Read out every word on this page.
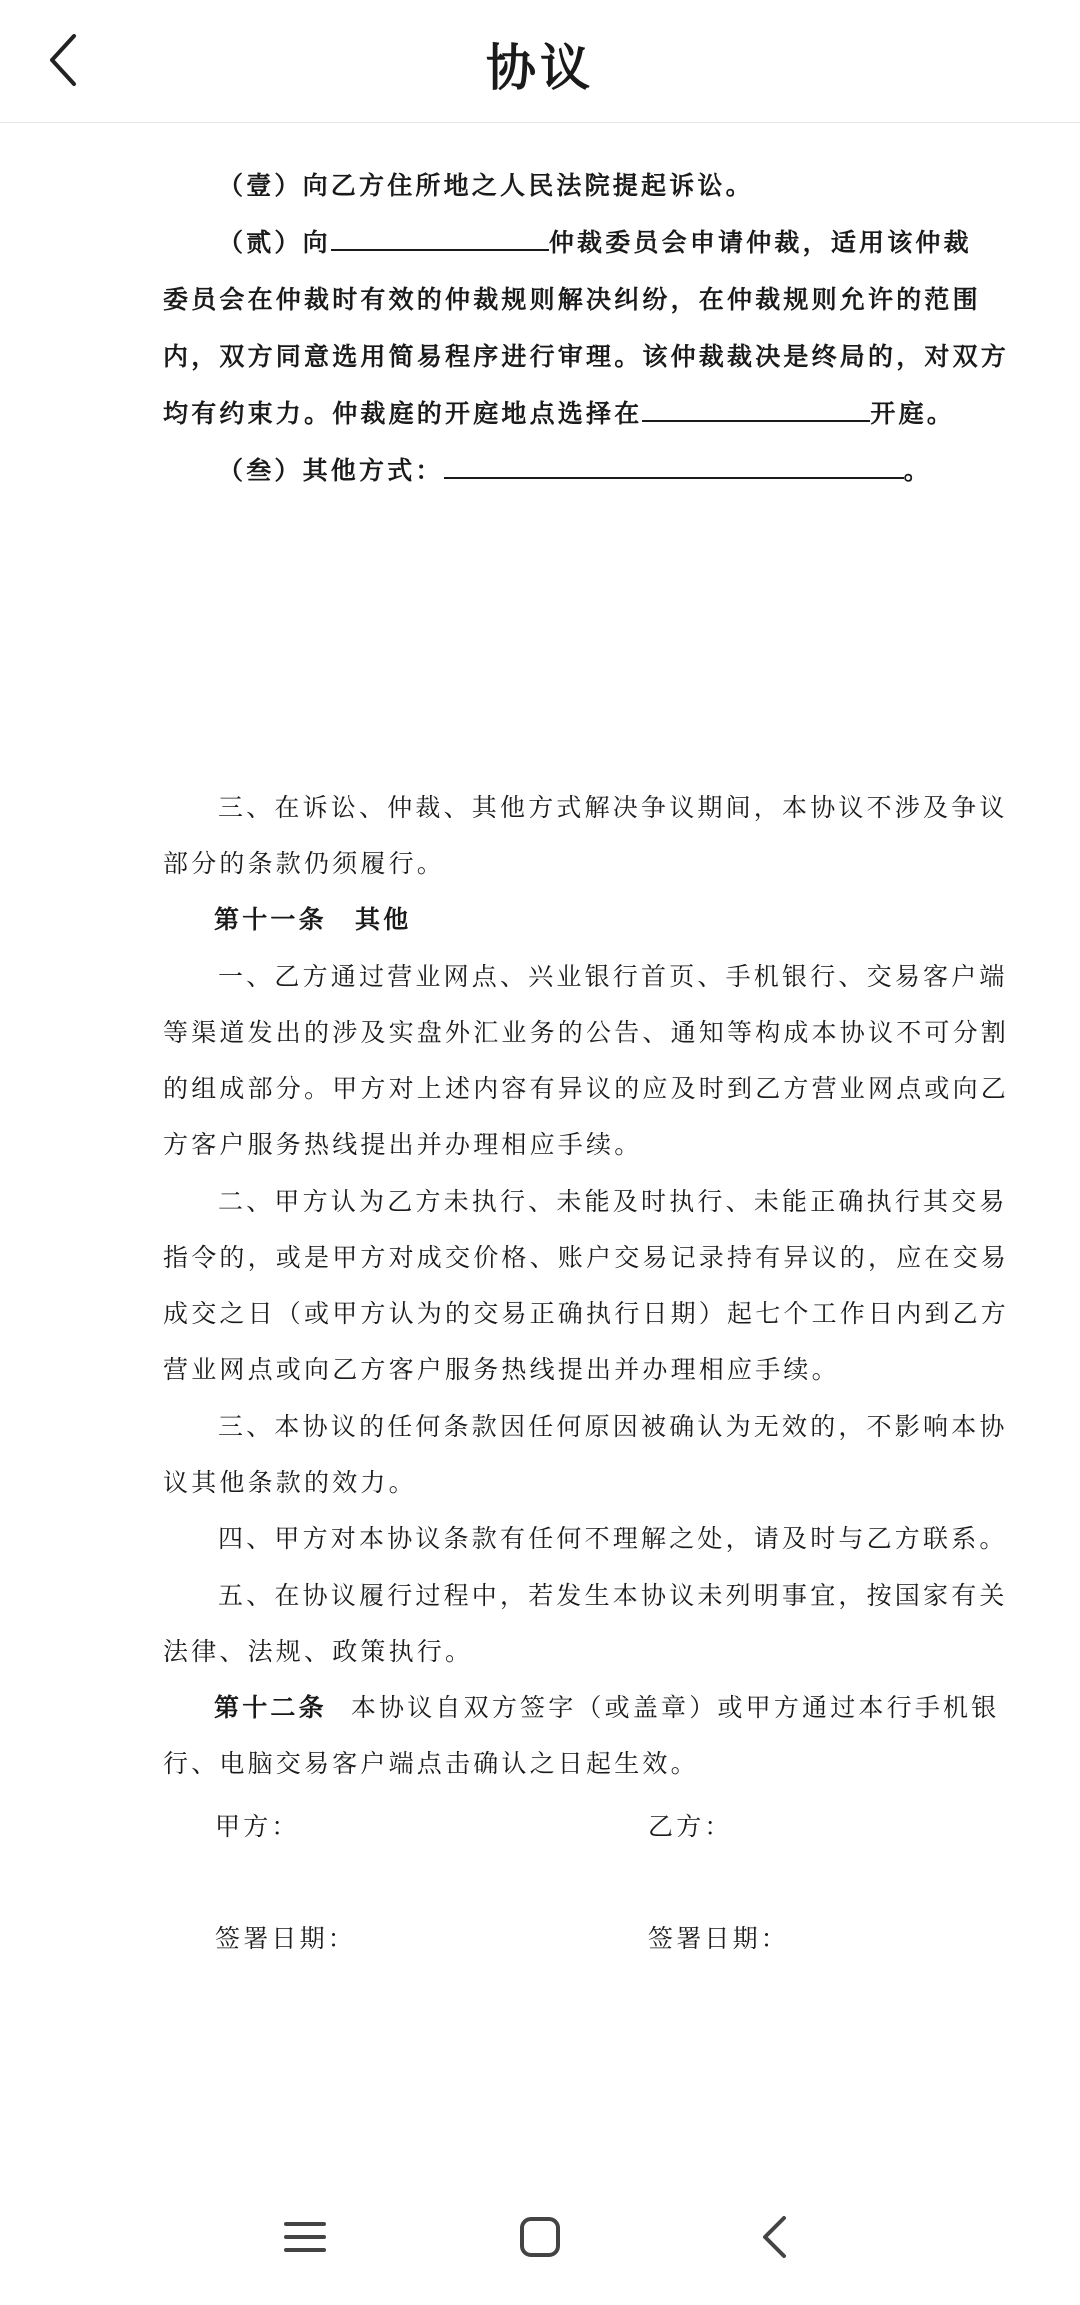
协议
（壹）向乙方住所地之人民法院提起诉讼。
（贰）向	仲裁委员会申请仲裁，适用该仲裁
委员会在仲裁时有效的仲裁规则解决纠纷，在仲裁规则允许的范围
内，双方同意选用简易程序进行审理。该仲裁裁决是终局的，对双方
均有约束力。仲裁庭的开庭地点选择在	开庭。
（叁）其他方式：	。
三、在诉讼、仲裁、其他方式解决争议期间，本协议不涉及争议
部分的条款仍须履行。
第十一条　其他
一、乙方通过营业网点、兴业银行首页、手机银行、交易客户端
等渠道发出的涉及实盘外汇业务的公告、通知等构成本协议不可分割
的组成部分。甲方对上述内容有异议的应及时到乙方营业网点或向乙
方客户服务热线提出并办理相应手续。
二、甲方认为乙方未执行、未能及时执行、未能正确执行其交易
指令的，或是甲方对成交价格、账户交易记录持有异议的，应在交易
成交之日（或甲方认为的交易正确执行日期）起七个工作日内到乙方
营业网点或向乙方客户服务热线提出并办理相应手续。
三、本协议的任何条款因任何原因被确认为无效的，不影响本协
议其他条款的效力。
四、甲方对本协议条款有任何不理解之处，请及时与乙方联系。
五、在协议履行过程中，若发生本协议未列明事宜，按国家有关
法律、法规、政策执行。
第十二条 本协议自双方签字（或盖章）或甲方通过本行手机银
行、电脑交易客户端点击确认之日起生效。
甲方：	乙方：
签署日期：	签署日期：
